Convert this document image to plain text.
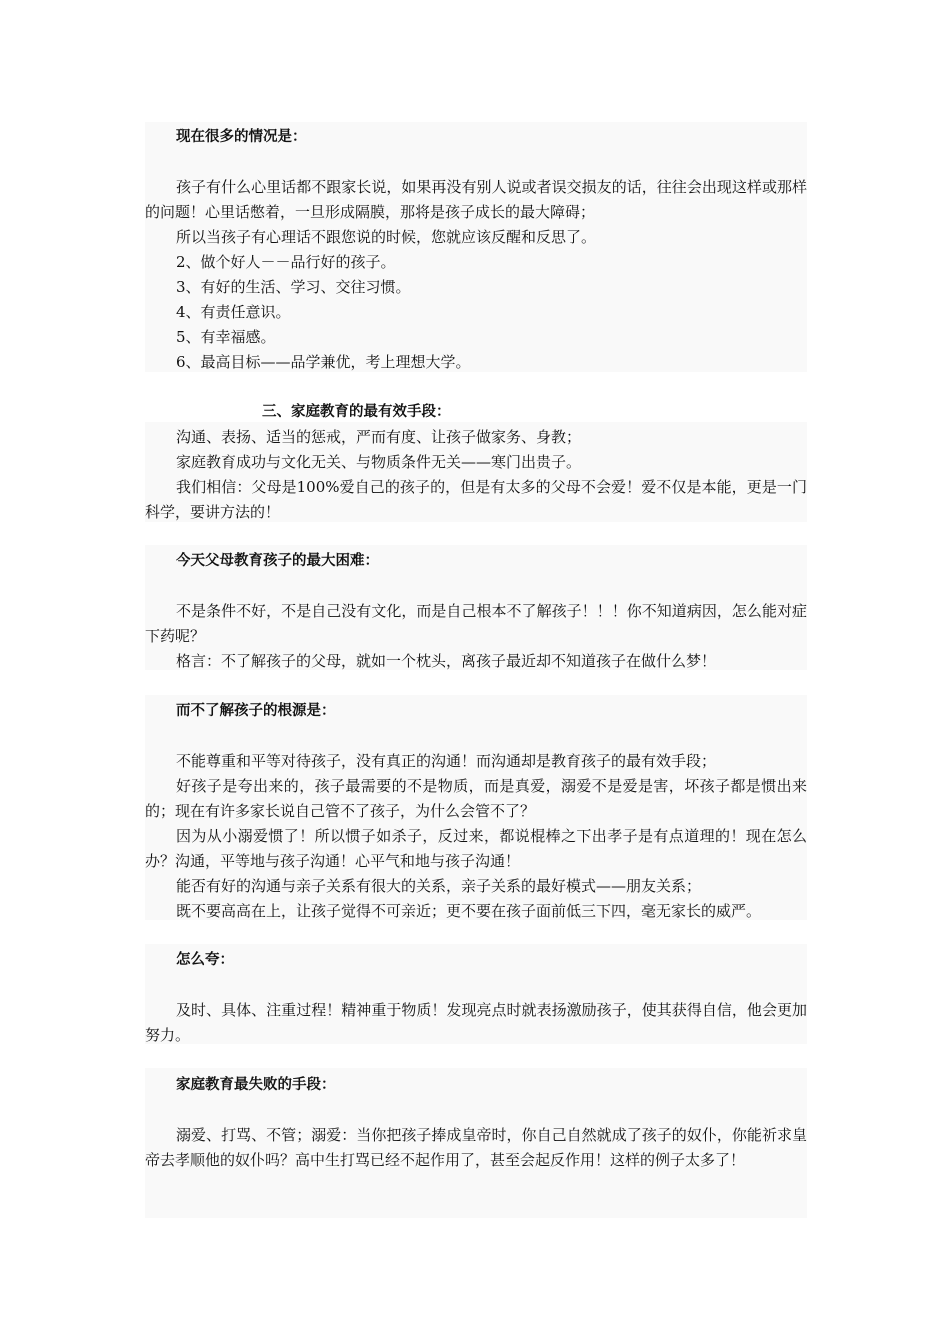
现在很多的情况是：
孩子有什么心里话都不跟家长说，如果再没有别人说或者误交损友的话，往往会出现这样或那样的问题！心里话憋着，一旦形成隔膜，那将是孩子成长的最大障碍；
所以当孩子有心理话不跟您说的时候，您就应该反醒和反思了。
2、做个好人－－品行好的孩子。
3、有好的生活、学习、交往习惯。
4、有责任意识。
5、有幸福感。
6、最高目标——品学兼优，考上理想大学。
三、家庭教育的最有效手段：
沟通、表扬、适当的惩戒，严而有度、让孩子做家务、身教；
家庭教育成功与文化无关、与物质条件无关——寒门出贵子。
我们相信：父母是100%爱自己的孩子的，但是有太多的父母不会爱！爱不仅是本能，更是一门科学，要讲方法的！
今天父母教育孩子的最大困难：
不是条件不好，不是自己没有文化，而是自己根本不了解孩子！！！你不知道病因，怎么能对症下药呢？
格言：不了解孩子的父母，就如一个枕头，离孩子最近却不知道孩子在做什么梦！
而不了解孩子的根源是：
不能尊重和平等对待孩子，没有真正的沟通！而沟通却是教育孩子的最有效手段；
好孩子是夸出来的，孩子最需要的不是物质，而是真爱，溺爱不是爱是害，坏孩子都是惯出来的；现在有许多家长说自己管不了孩子，为什么会管不了？
因为从小溺爱惯了！所以惯子如杀子，反过来，都说棍棒之下出孝子是有点道理的！现在怎么办？沟通，平等地与孩子沟通！心平气和地与孩子沟通！
能否有好的沟通与亲子关系有很大的关系，亲子关系的最好模式——朋友关系；
既不要高高在上，让孩子觉得不可亲近；更不要在孩子面前低三下四，毫无家长的威严。
怎么夸：
及时、具体、注重过程！精神重于物质！发现亮点时就表扬激励孩子，使其获得自信，他会更加努力。
家庭教育最失败的手段：
溺爱、打骂、不管；溺爱：当你把孩子捧成皇帝时，你自己自然就成了孩子的奴仆，你能祈求皇帝去孝顺他的奴仆吗？高中生打骂已经不起作用了，甚至会起反作用！这样的例子太多了！
